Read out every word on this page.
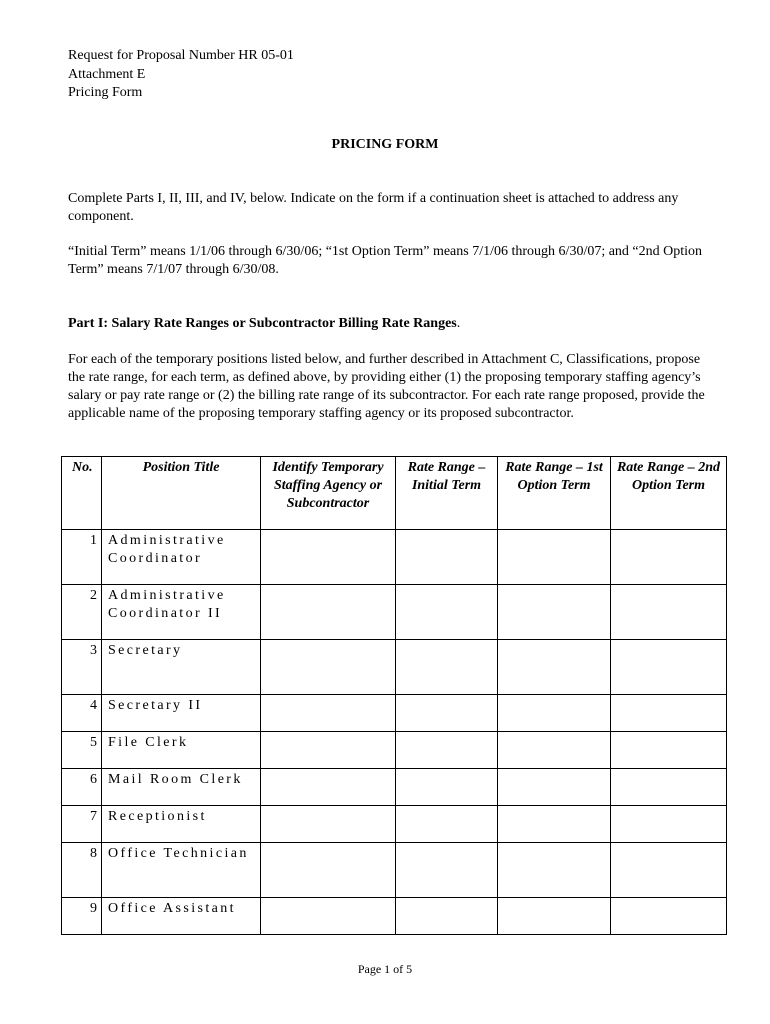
Request for Proposal Number HR 05-01
Attachment E
Pricing Form
PRICING FORM
Complete Parts I, II, III, and IV, below. Indicate on the form if a continuation sheet is attached to address any component.
“Initial Term” means 1/1/06 through 6/30/06; “1st Option Term” means 7/1/06 through 6/30/07; and “2nd Option Term” means 7/1/07 through 6/30/08.
Part I: Salary Rate Ranges or Subcontractor Billing Rate Ranges.
For each of the temporary positions listed below, and further described in Attachment C, Classifications, propose the rate range, for each term, as defined above, by providing either (1) the proposing temporary staffing agency’s salary or pay rate range or (2) the billing rate range of its subcontractor. For each rate range proposed, provide the applicable name of the proposing temporary staffing agency or its proposed subcontractor.
No.	Position Title	Identify Temporary Staffing Agency or Subcontractor	Rate Range – Initial Term	Rate Range – 1st Option Term	Rate Range – 2nd Option Term
1	Administrative Coordinator				
2	Administrative Coordinator II				
3	Secretary				
4	Secretary II				
5	File Clerk				
6	Mail Room Clerk				
7	Receptionist				
8	Office Technician				
9	Office Assistant				
Page 1 of 5
